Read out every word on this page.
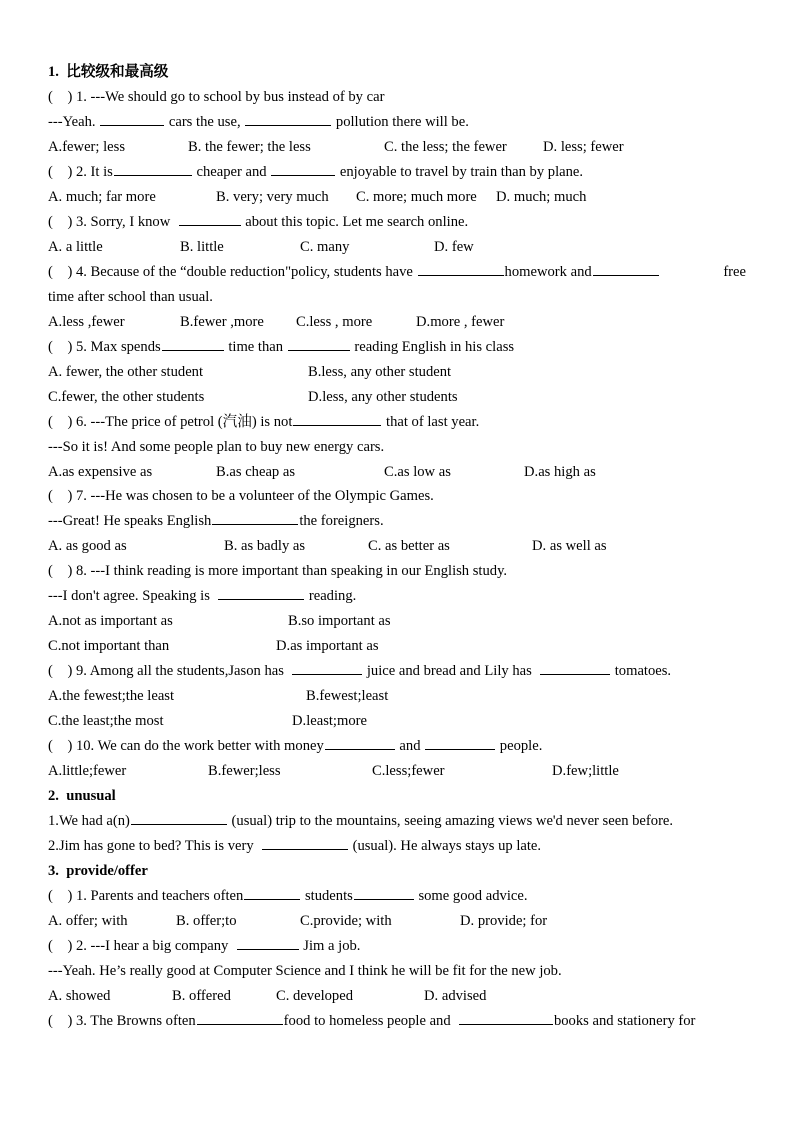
1.  比较级和最高级
(    ) 1. ---We should go to school by bus instead of by car
---Yeah.	cars the use,	pollution there will be.

A.fewer; less

	B. the fewer; the less

	C. the less; the fewer

D. less; fewer

(    ) 2. It is	cheaper and	enjoyable to travel by train than by plane.

A. much; far more

	B. very; very much

C. more; much more

D. much; much

(    ) 3. Sorry, I know	about this topic. Let me search online.

A. a little

	B. little

	C. many

	D. few

(    ) 4. Because of the “double reduction"policy, students have	homework and	free
time after school than usual.

A.less ,fewer

	B.fewer ,more

C.less , more

	D.more , fewer

(    ) 5. Max spends	time than	reading English in his class

A. fewer, the other student

	B.less, any other student

C.fewer, the other students

	D.less, any other students

(    ) 6. ---The price of petrol (汽油) is not	that of last year.
---So it is! And some people plan to buy new energy cars.

A.as expensive as

	B.as cheap as

	C.as low as

	D.as high as

(    ) 7. ---He was chosen to be a volunteer of the Olympic Games.
---Great! He speaks English	the foreigners.

A. as good as

	B. as badly as

	C. as better as

	D. as well as

(    ) 8. ---I think reading is more important than speaking in our English study.
---I don't agree. Speaking is	reading.

A.not as important as

	B.so important as

C.not important than

	D.as important as

(    ) 9. Among all the students,Jason has	juice and bread and Lily has	tomatoes.

A.the fewest;the least

	B.fewest;least

C.the least;the most

	D.least;more

(    ) 10. We can do the work better with money	and	people.

A.little;fewer

	B.fewer;less

	C.less;fewer

	D.few;little

2.  unusual
1.We had a(n)	(usual) trip to the mountains, seeing amazing views we'd never seen before.
2.Jim has gone to bed? This is very	(usual). He always stays up late.
3.  provide/offer
(    ) 1. Parents and teachers often	students	some good advice.

A. offer; with

	B. offer;to

	C.provide; with

	D. provide; for

(    ) 2. ---I hear a big company	Jim a job.
---Yeah. He’s really good at Computer Science and I think he will be fit for the new job.

A. showed

	B. offered

	C. developed

	D. advised

(    ) 3. The Browns often	food to homeless people and	books and stationery for
